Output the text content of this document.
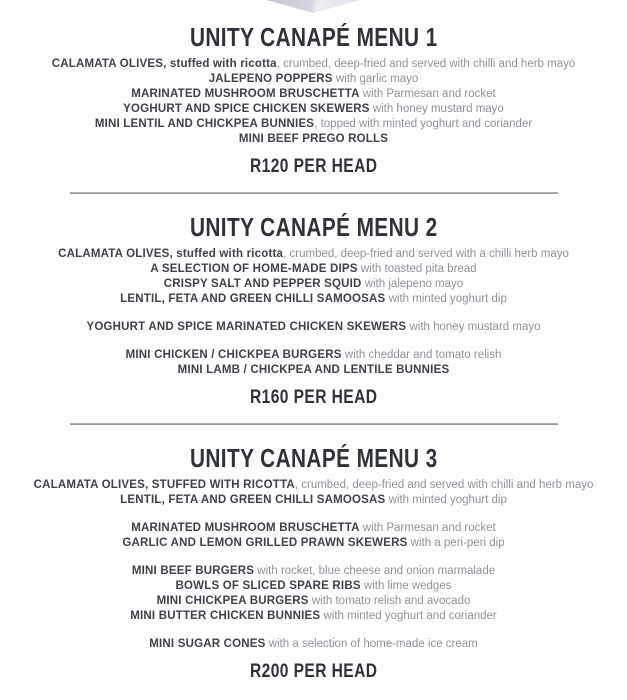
UNITY CANAPÉ MENU 1
CALAMATA OLIVES, stuffed with ricotta, crumbed, deep-fried and served with chilli and herb mayo
JALEPENO POPPERS with garlic mayo
MARINATED MUSHROOM BRUSCHETTA with Parmesan and rocket
YOGHURT AND SPICE CHICKEN SKEWERS with honey mustard mayo
MINI LENTIL AND CHICKPEA BUNNIES, topped with minted yoghurt and coriander
MINI BEEF PREGO ROLLS
R120 PER HEAD
UNITY CANAPÉ MENU 2
CALAMATA OLIVES, stuffed with ricotta, crumbed, deep-fried and served with a chilli herb mayo
A SELECTION OF HOME-MADE DIPS with toasted pita bread
CRISPY SALT AND PEPPER SQUID with jalepeno mayo
LENTIL, FETA AND GREEN CHILLI SAMOOSAS with minted yoghurt dip
YOGHURT AND SPICE MARINATED CHICKEN SKEWERS with honey mustard mayo
MINI CHICKEN / CHICKPEA BURGERS with cheddar and tomato relish
MINI LAMB / CHICKPEA AND LENTILE BUNNIES
R160 PER HEAD
UNITY CANAPÉ MENU 3
CALAMATA OLIVES, STUFFED WITH RICOTTA, crumbed, deep-fried and served with chilli and herb mayo
LENTIL, FETA AND GREEN CHILLI SAMOOSAS with minted yoghurt dip
MARINATED MUSHROOM BRUSCHETTA with Parmesan and rocket
GARLIC AND LEMON GRILLED PRAWN SKEWERS with a peri-peri dip
MINI BEEF BURGERS with rocket, blue cheese and onion marmalade
BOWLS OF SLICED SPARE RIBS with lime wedges
MINI CHICKPEA BURGERS with tomato relish and avocado
MINI BUTTER CHICKEN BUNNIES with minted yoghurt and coriander
MINI SUGAR CONES with a selection of home-made ice cream
R200 PER HEAD
